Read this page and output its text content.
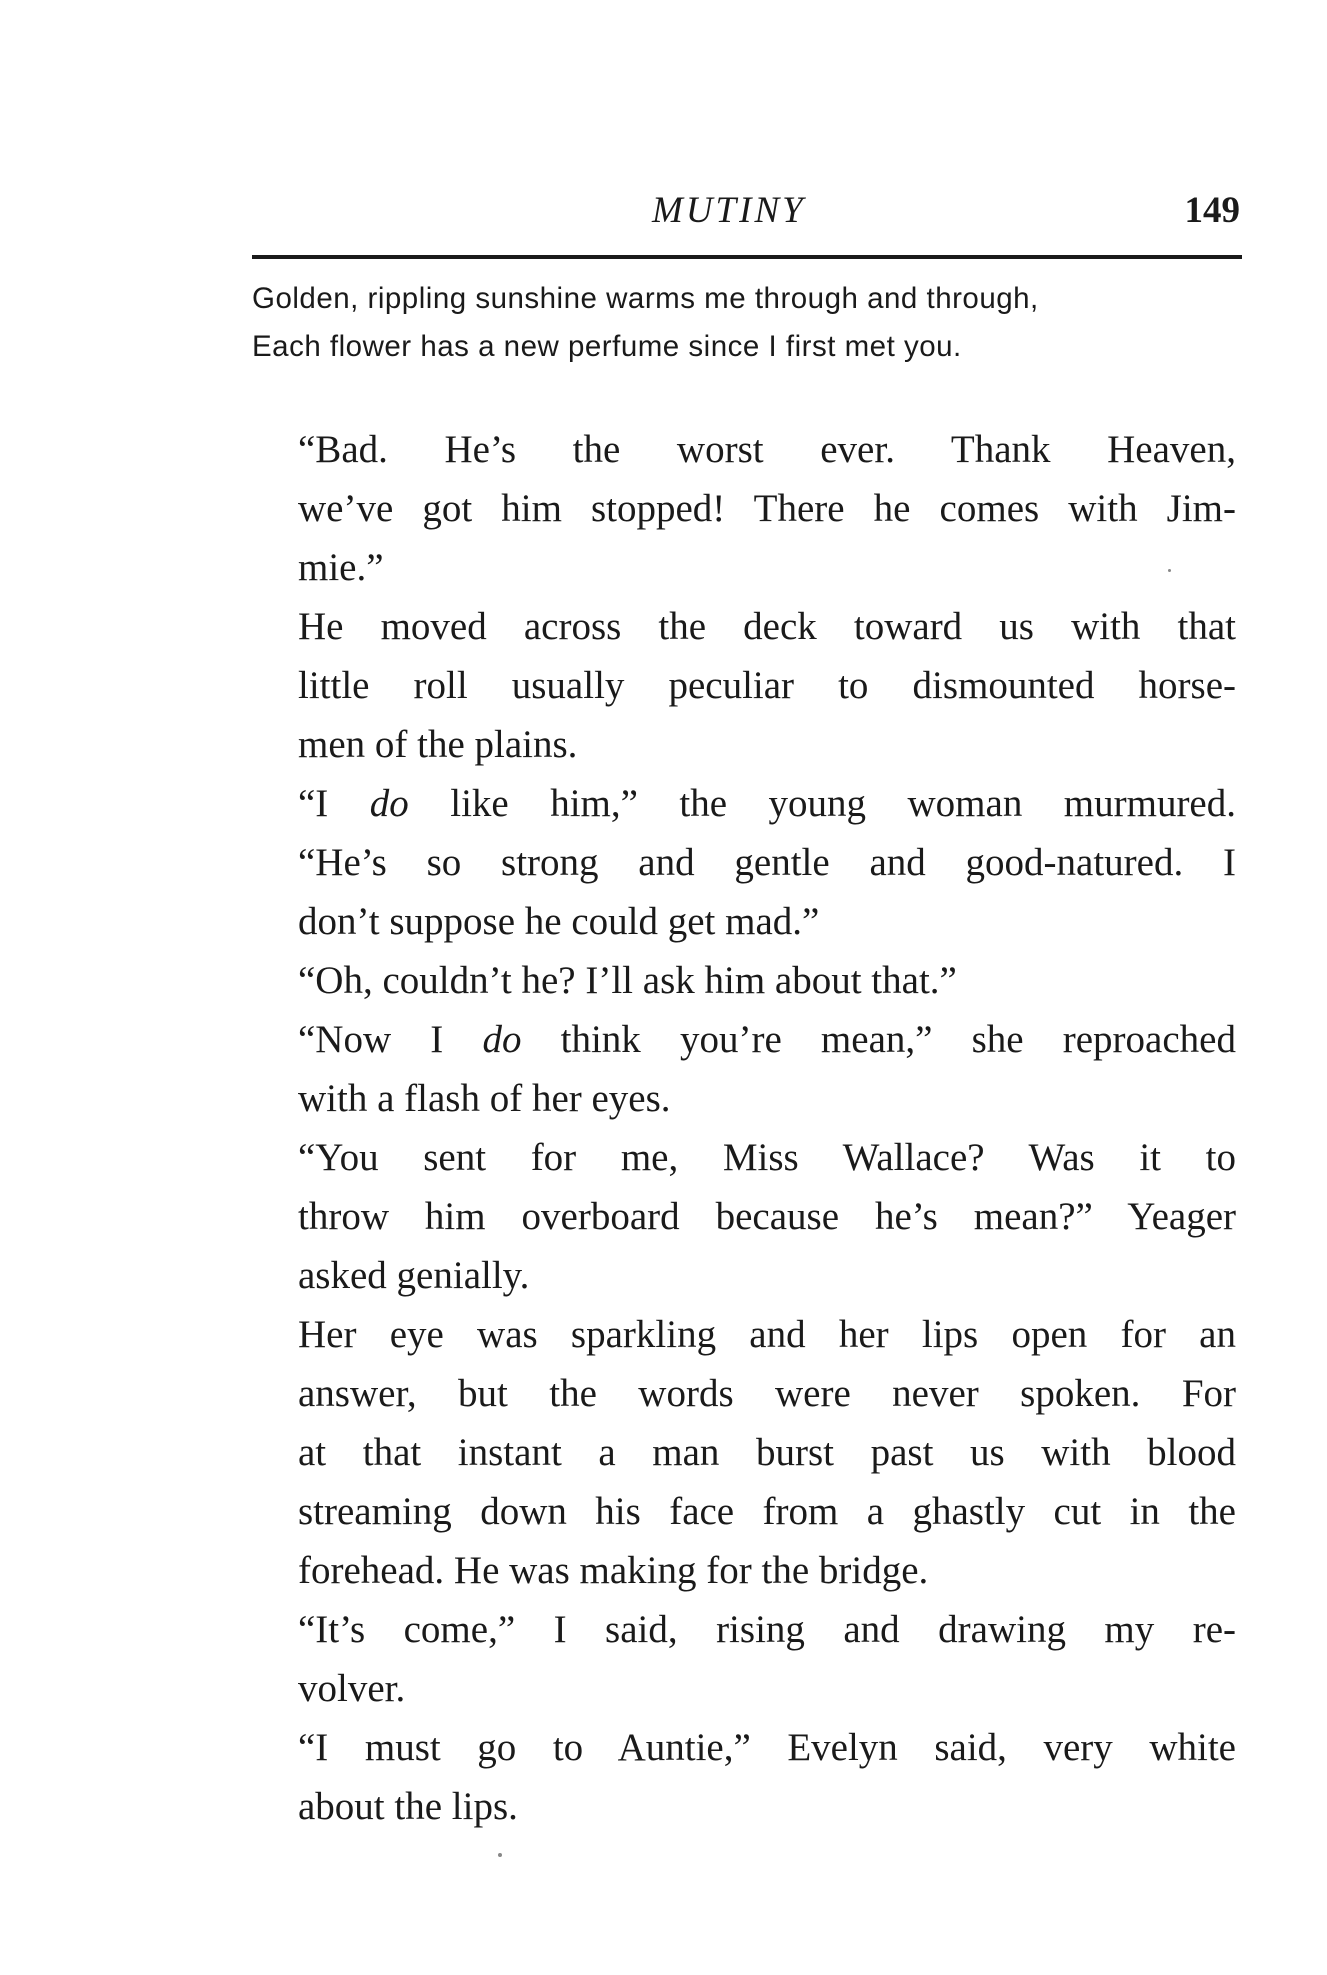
MUTINY	149
Golden, rippling sunshine warms me through and through,
Each flower has a new perfume since I first met you.

“Bad. He’s the worst ever. Thank Heaven,
we’ve got him stopped! There he comes with Jim-
mie.”

He moved across the deck toward us with that
little roll usually peculiar to dismounted horse-
men of the plains.

“I do like him,” the young woman murmured.
“He’s so strong and gentle and good-natured. I
don’t suppose he could get mad.”

“Oh, couldn’t he? I’ll ask him about that.”

“Now I do think you’re mean,” she reproached
with a flash of her eyes.

“You sent for me, Miss Wallace? Was it to
throw him overboard because he’s mean?” Yeager
asked genially.

Her eye was sparkling and her lips open for an
answer, but the words were never spoken. For
at that instant a man burst past us with blood
streaming down his face from a ghastly cut in the
forehead. He was making for the bridge.

“It’s come,” I said, rising and drawing my re-
volver.

“I must go to Auntie,” Evelyn said, very white
about the lips.
